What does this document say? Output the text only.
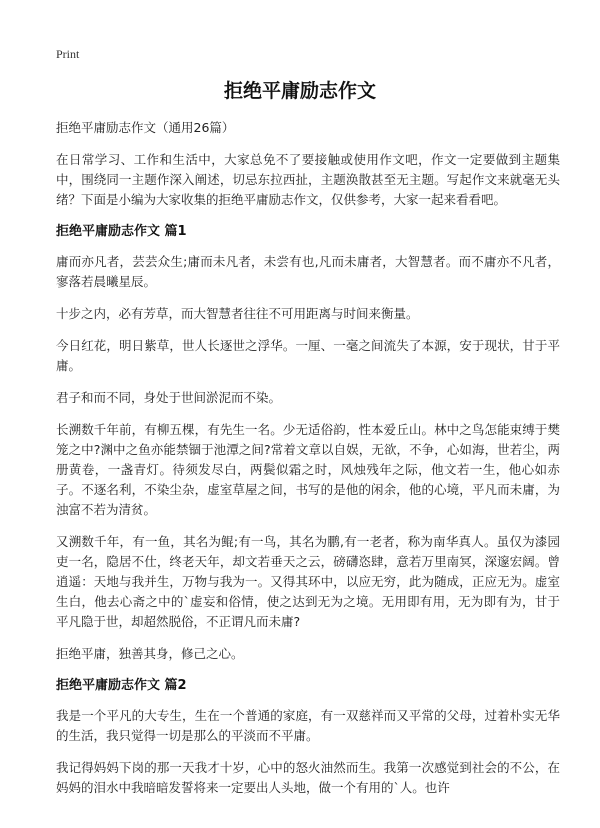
Print
拒绝平庸励志作文
拒绝平庸励志作文（通用26篇）

在日常学习、工作和生活中，大家总免不了要接触或使用作文吧，作文一定要做到主题集中，围绕同一主题作深入阐述，切忌东拉西扯，主题涣散甚至无主题。写起作文来就毫无头绪？下面是小编为大家收集的拒绝平庸励志作文，仅供参考，大家一起来看看吧。

拒绝平庸励志作文 篇1

庸而亦凡者，芸芸众生;庸而未凡者，未尝有也,凡而未庸者，大智慧者。而不庸亦不凡者，寥落若晨曦星辰。

十步之内，必有芳草，而大智慧者往往不可用距离与时间来衡量。

今日红花，明日紫草，世人长逐世之浮华。一厘、一毫之间流失了本源，安于现状，甘于平庸。

君子和而不同，身处于世间淤泥而不染。

长溯数千年前，有柳五棵，有先生一名。少无适俗韵，性本爱丘山。林中之鸟怎能束缚于樊笼之中?渊中之鱼亦能禁锢于池潭之间?常着文章以自娱，无欲，不争，心如海，世若尘，两册黄卷，一盏青灯。待须发尽白，两鬓似霜之时，风烛残年之际，他文若一生，他心如赤子。不逐名利，不染尘杂，虚室草屋之间，书写的是他的闲余，他的心境，平凡而未庸，为浊富不若为清贫。

又溯数千年，有一鱼，其名为鲲;有一鸟，其名为鹏,有一老者，称为南华真人。虽仅为漆园吏一名，隐居不仕，终老天年，却文若垂天之云，磅礴恣肆，意若万里南冥，深邃宏阔。曾逍遥：天地与我并生，万物与我为一。又得其环中，以应无穷，此为随成，正应无为。虚室生白，他去心斋之中的`虚妄和俗情，使之达到无为之境。无用即有用，无为即有为，甘于平凡隐于世，却超然脱俗，不正谓凡而未庸?

拒绝平庸，独善其身，修己之心。

拒绝平庸励志作文 篇2

我是一个平凡的大专生，生在一个普通的家庭，有一双慈祥而又平常的父母，过着朴实无华的生活，我只觉得一切是那么的平淡而不平庸。

我记得妈妈下岗的那一天我才十岁，心中的怒火油然而生。我第一次感觉到社会的不公，在妈妈的泪水中我暗暗发誓将来一定要出人头地，做一个有用的`人。也许
